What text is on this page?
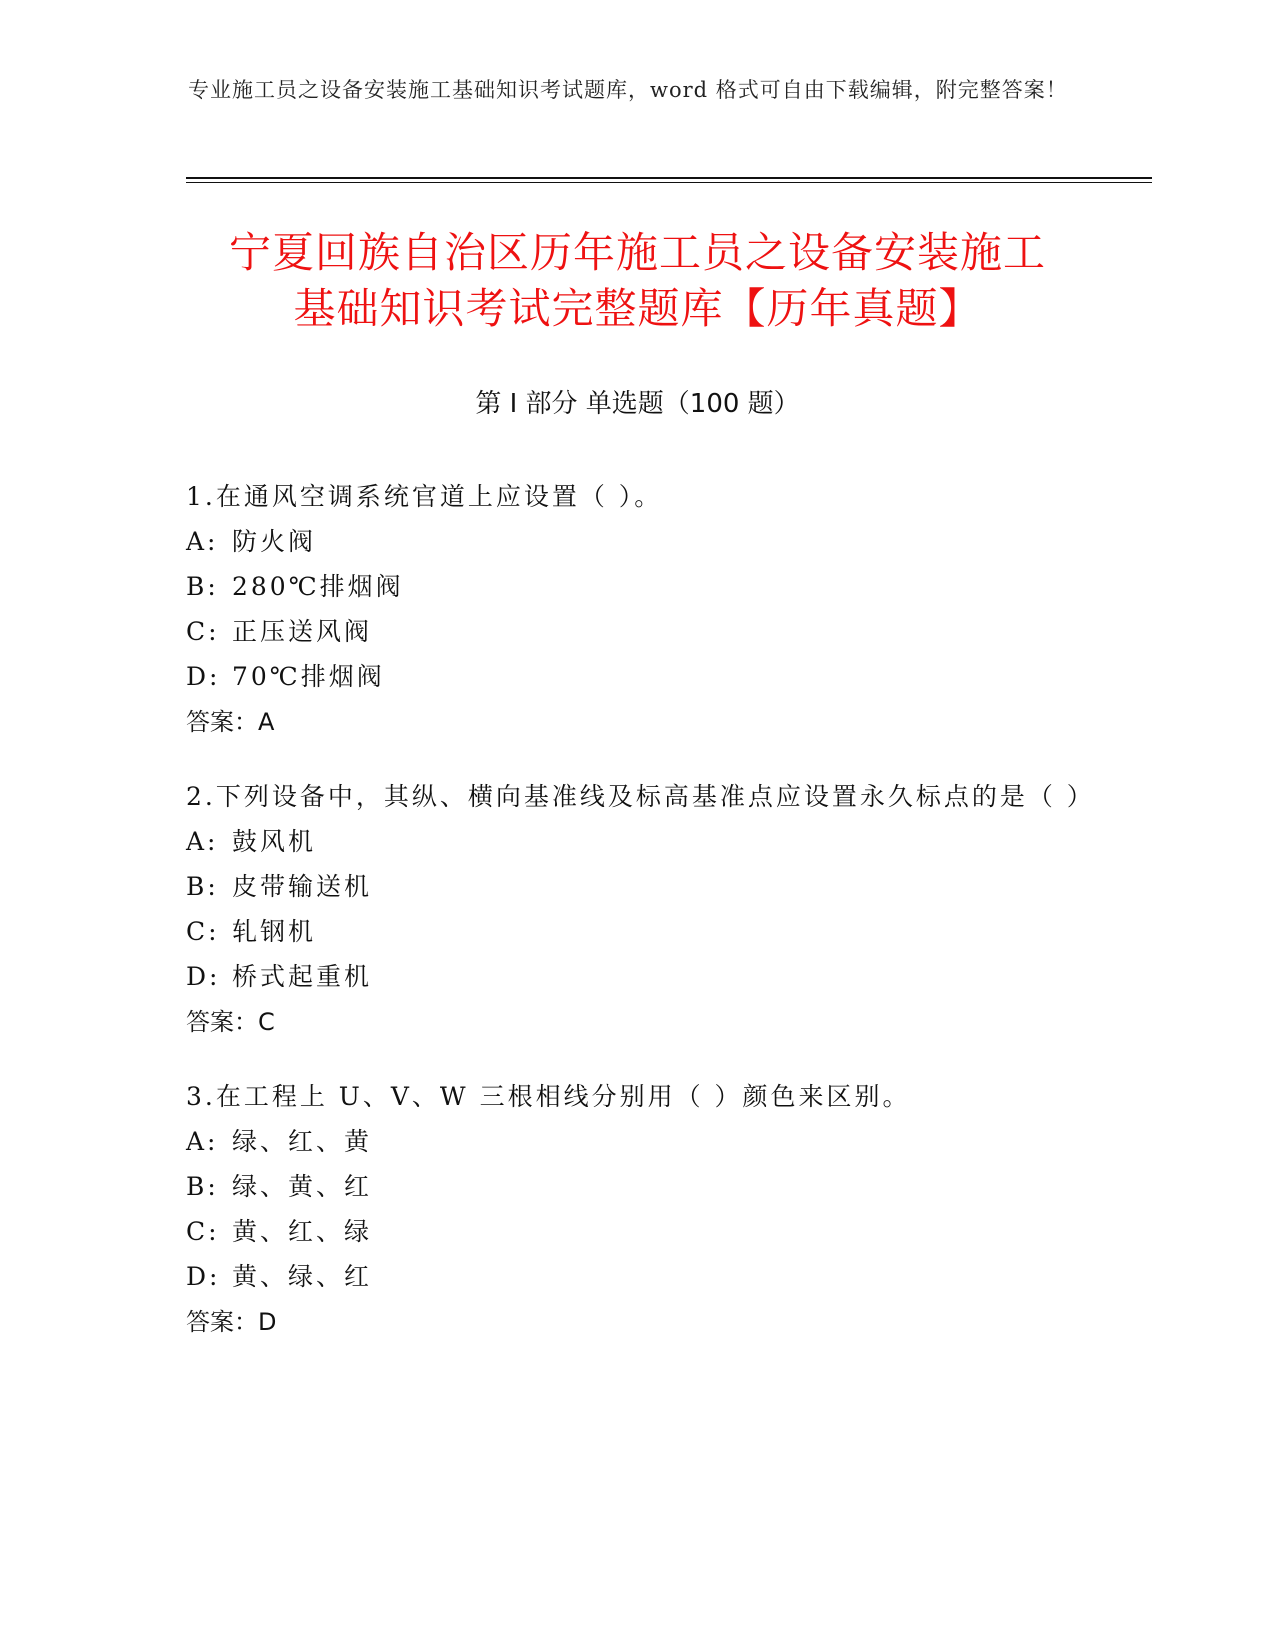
专业施工员之设备安装施工基础知识考试题库，word 格式可自由下载编辑，附完整答案！
宁夏回族自治区历年施工员之设备安装施工
基础知识考试完整题库【历年真题】
第 I 部分 单选题（100 题）

1.在通风空调系统官道上应设置（ ）。

A: 防火阀

B: 280℃排烟阀

C: 正压送风阀

D: 70℃排烟阀

答案：A

2.下列设备中，其纵、横向基准线及标高基准点应设置永久标点的是（ ）

A: 鼓风机

B: 皮带输送机

C: 轧钢机

D: 桥式起重机

答案：C

3.在工程上 U、V、W 三根相线分别用（ ）颜色来区别。

A: 绿、红、黄

B: 绿、黄、红

C: 黄、红、绿

D: 黄、绿、红

答案：D
